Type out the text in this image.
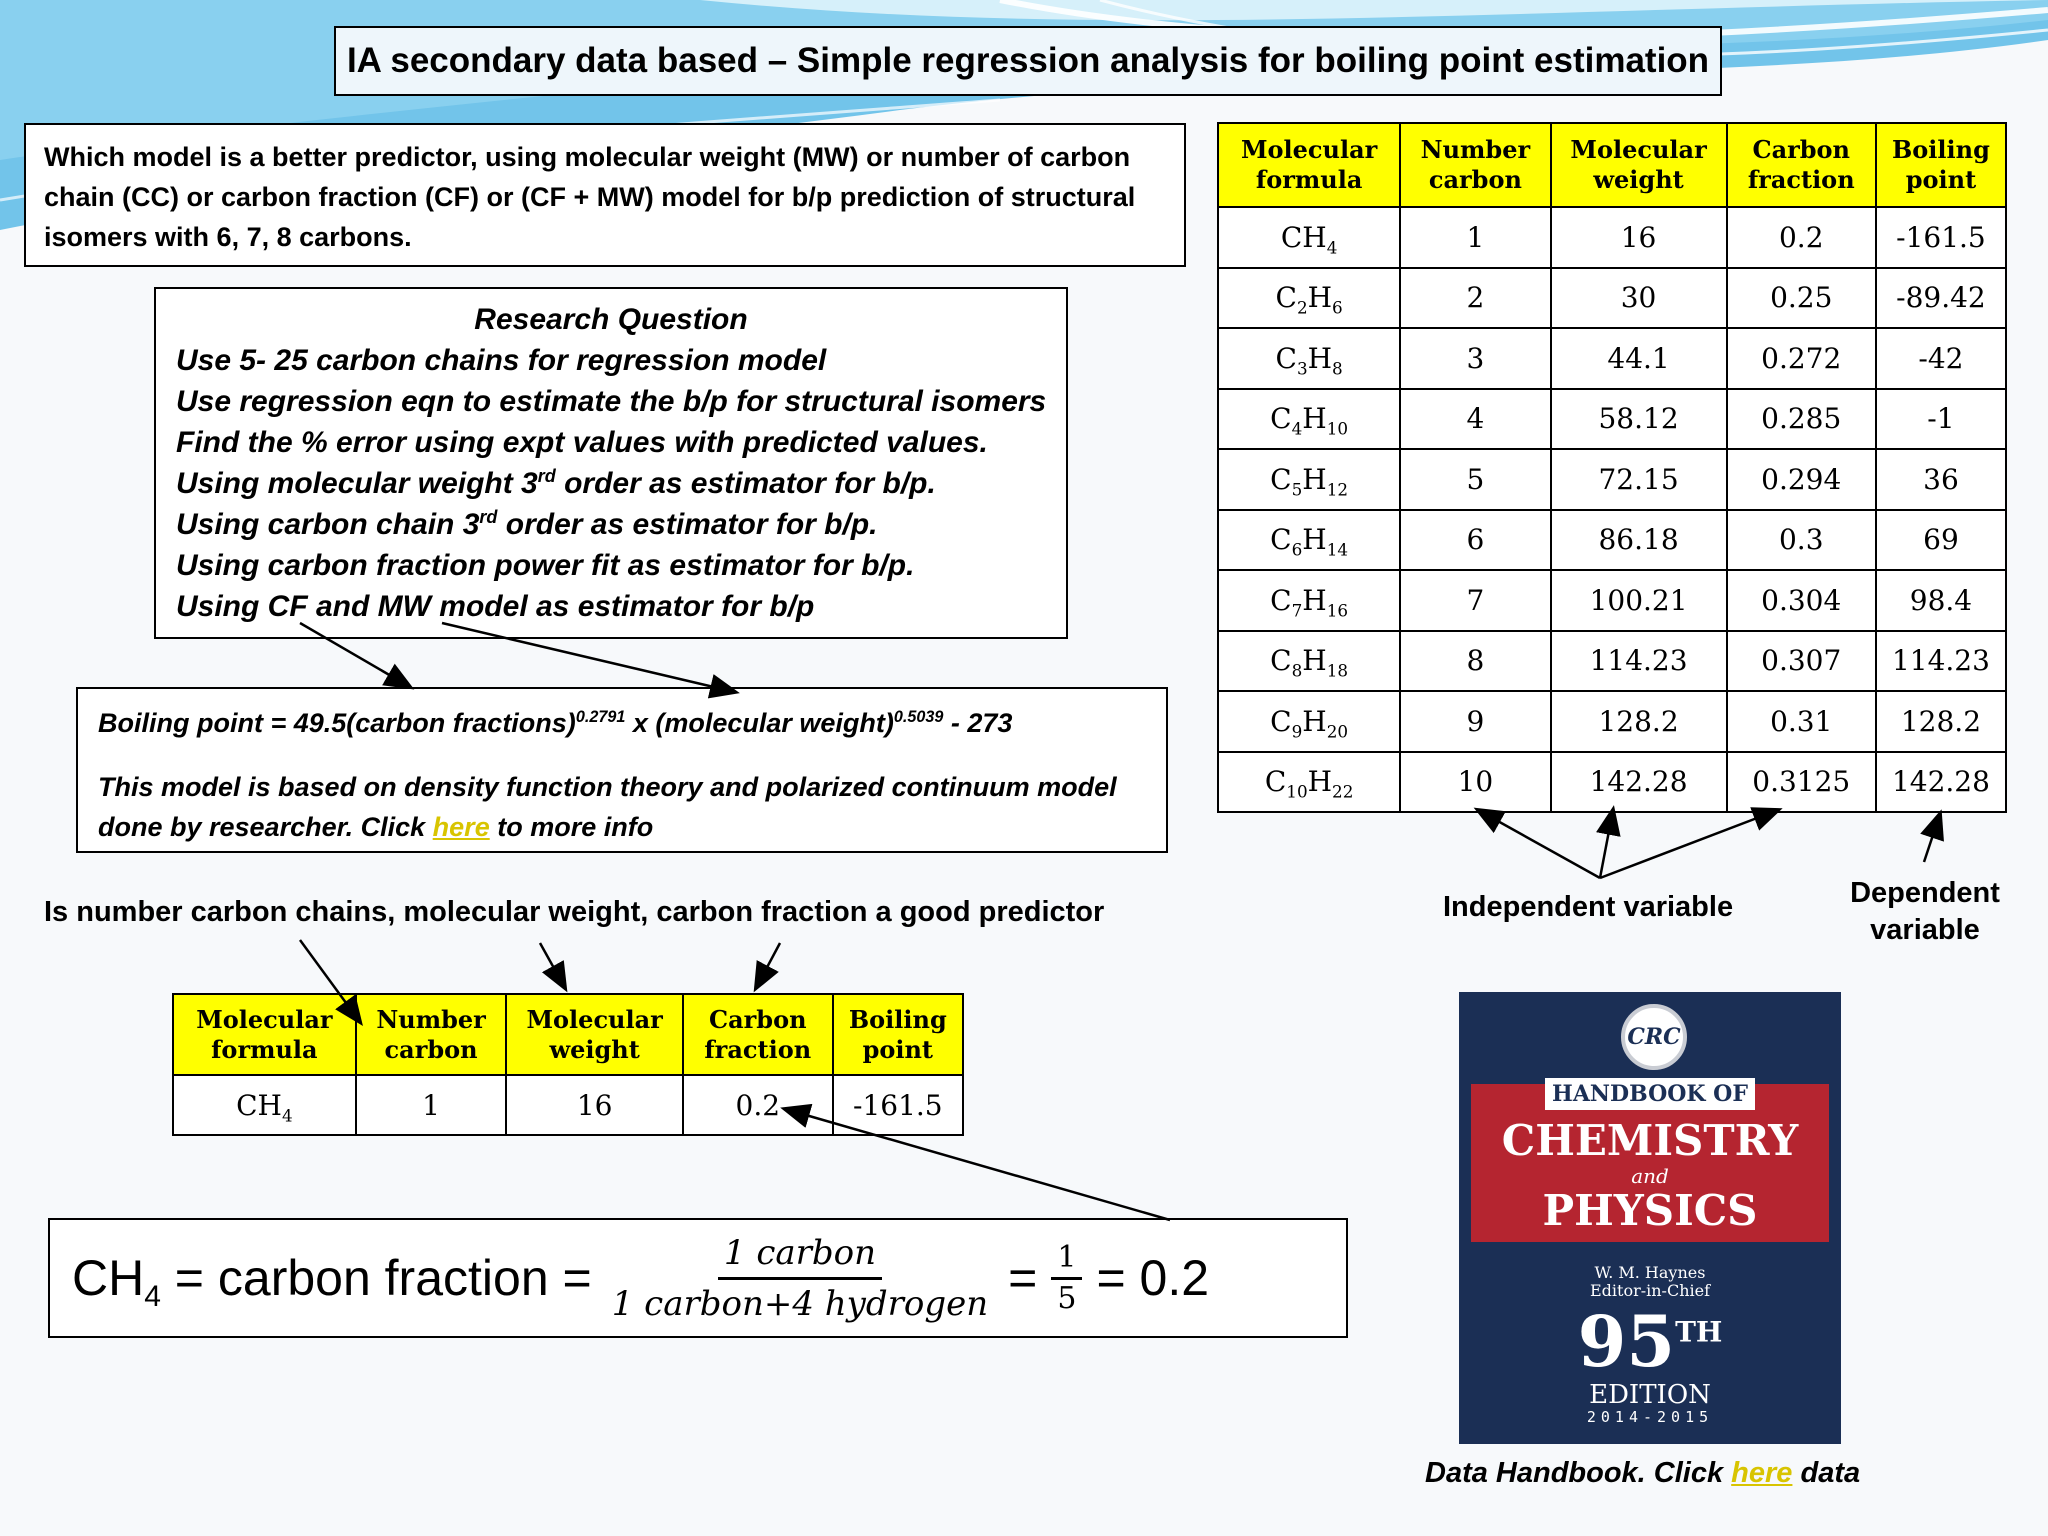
IA secondary data based – Simple regression analysis for boiling point estimation

Which model is a better predictor, using molecular weight (MW) or number of carbon chain (CC) or carbon fraction (CF) or (CF + MW) model for b/p prediction of structural isomers with 6, 7, 8 carbons.

Research Question
Use 5- 25 carbon chains for regression model
Use regression eqn to estimate the b/p for structural isomers
Find the % error using expt values with predicted values.
Using molecular weight 3rd order as estimator for b/p.
Using carbon chain 3rd order as estimator for b/p.
Using carbon fraction power fit as estimator for b/p.
Using CF and MW model as estimator for b/p
Boiling point = 49.5(carbon fractions)$^{0.2791}$ x (molecular weight)$^{0.5039}$ - 273
This model is based on density function theory and polarized continuum model
done by researcher. Click here to more info
Molecular formula	Number carbon	Molecular weight	Carbon fraction	Boiling point
$CH_4$	1	16	0.2	-161.5
$C_2H_6$	2	30	0.25	-89.42
$C_3H_8$	3	44.1	0.272	-42
$C_4H_{10}$	4	58.12	0.285	-1
$C_5H_{12}$	5	72.15	0.294	36
$C_6H_{14}$	6	86.18	0.3	69
$C_7H_{16}$	7	100.21	0.304	98.4
$C_8H_{18}$	8	114.23	0.307	114.23
$C_9H_{20}$	9	128.2	0.31	128.2
$C_{10}H_{22}$	10	142.28	0.3125	142.28
Independent variable	Dependent
variable
Is number carbon chains, molecular weight, carbon fraction a good predictor
Molecular formula	Number carbon	Molecular weight	Carbon fraction	Boiling point
$CH_4$	1	16	0.2	-161.5
$CH_4$ = carbon fraction = $\frac{\text{1 carbon}}{\text{1 carbon+4 hydrogen}} = \frac{1}{5} = 0.2$
CRC
HANDBOOK OF
CHEMISTRY
and
PHYSICS
W. M. Haynes
Editor-in-Chief
95TH
EDITION
2014-2015
Data Handbook. Click here data
